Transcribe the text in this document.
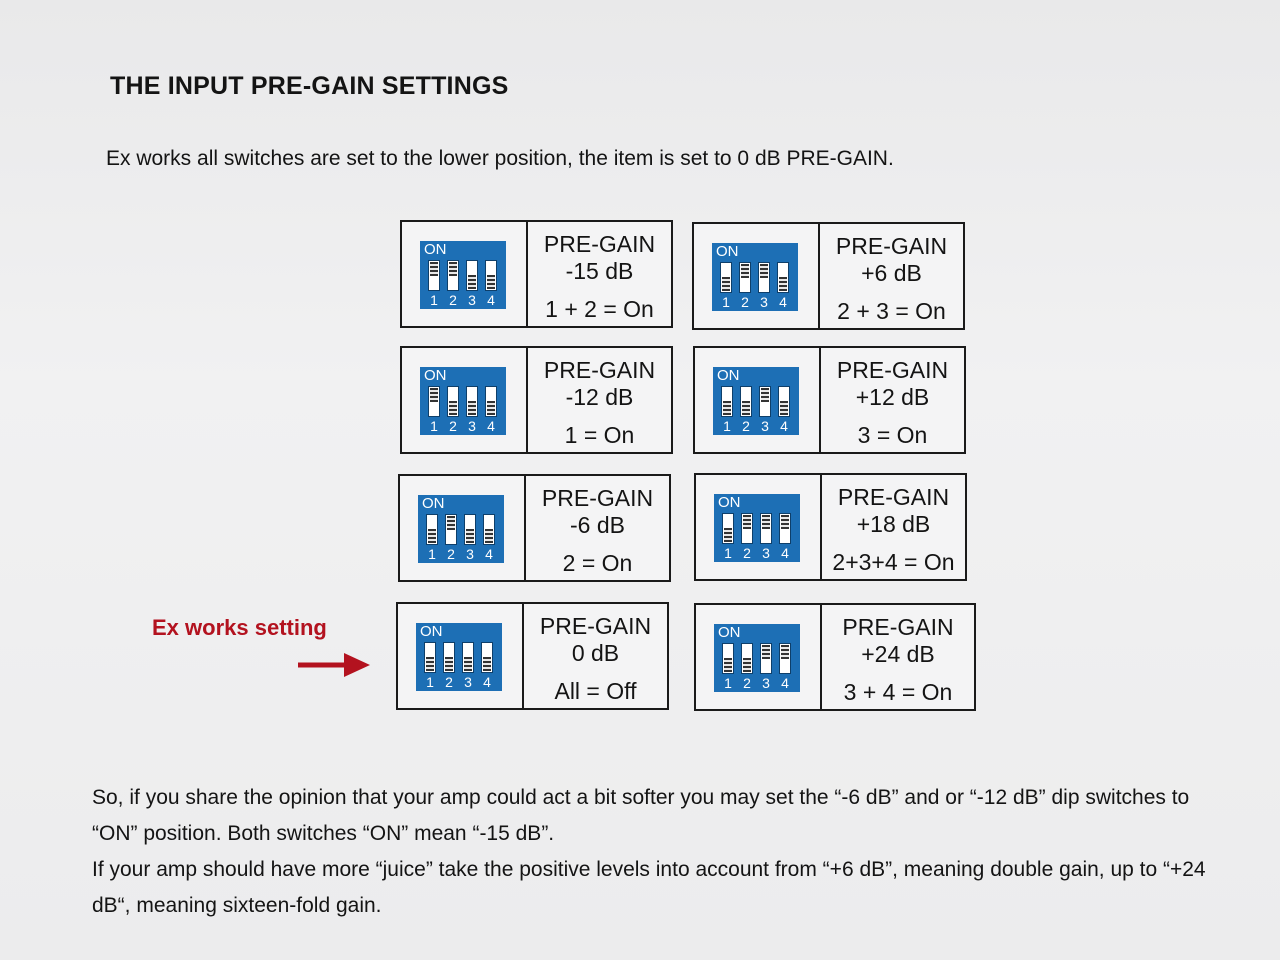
THE INPUT PRE-GAIN SETTINGS

Ex works all switches are set to the lower position, the item is set to 0 dB PRE-GAIN.

ON
1 2 3 4
PRE-GAIN
-15 dB
1 + 2 = On
ON
1 2 3 4
PRE-GAIN
+6 dB
2 + 3 = On
ON
1 2 3 4
PRE-GAIN
-12 dB
1 = On
ON
1 2 3 4
PRE-GAIN
+12 dB
3 = On
ON
1 2 3 4
PRE-GAIN
-6 dB
2 = On
ON
1 2 3 4
PRE-GAIN
+18 dB
2+3+4 = On
ON
1 2 3 4
PRE-GAIN
0 dB
All = Off
ON
1 2 3 4
PRE-GAIN
+24 dB
3 + 4 = On
Ex works setting

So, if you share the opinion that your amp could act a bit softer you may set the “-6 dB” and or “-12 dB” dip switches to “ON” position. Both switches “ON” mean “-15 dB”.

If your amp should have more “juice” take the positive levels into account from “+6 dB”, meaning double gain, up to “+24 dB“, meaning sixteen-fold gain.
